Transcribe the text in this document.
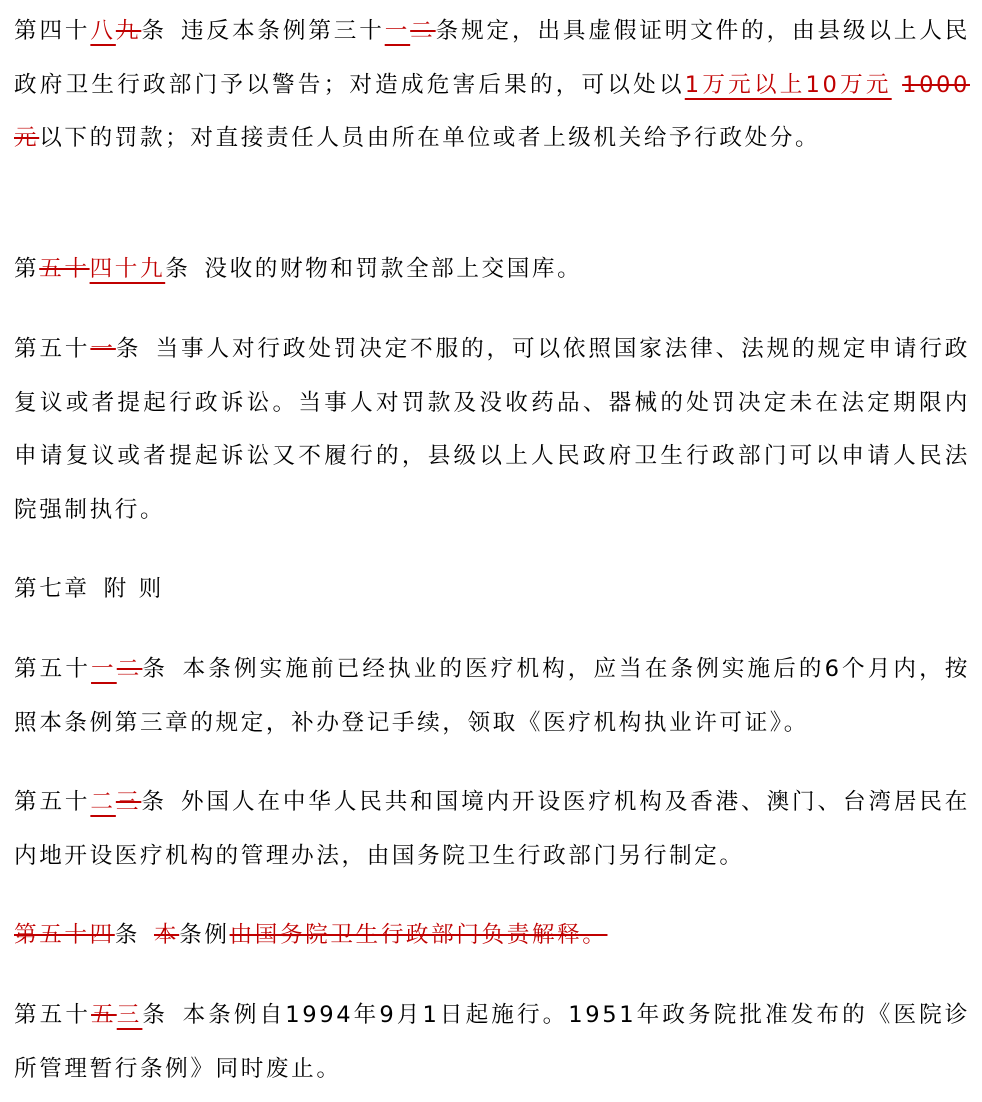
第四十八九条 违反本条例第三十一二条规定，出具虚假证明文件的，由县级以上人民政府卫生行政部门予以警告；对造成危害后果的，可以处以1万元以上10万元 1000元以下的罚款；对直接责任人员由所在单位或者上级机关给予行政处分。

第五十四十九条 没收的财物和罚款全部上交国库。

第五十一条 当事人对行政处罚决定不服的，可以依照国家法律、法规的规定申请行政复议或者提起行政诉讼。当事人对罚款及没收药品、器械的处罚决定未在法定期限内申请复议或者提起诉讼又不履行的，县级以上人民政府卫生行政部门可以申请人民法院强制执行。

第七章 附 则

第五十一二条 本条例实施前已经执业的医疗机构，应当在条例实施后的6个月内，按照本条例第三章的规定，补办登记手续，领取《医疗机构执业许可证》。

第五十二三条 外国人在中华人民共和国境内开设医疗机构及香港、澳门、台湾居民在内地开设医疗机构的管理办法，由国务院卫生行政部门另行制定。

第五十四条 本条例由国务院卫生行政部门负责解释。

第五十五三条 本条例自1994年9月1日起施行。1951年政务院批准发布的《医院诊所管理暂行条例》同时废止。
